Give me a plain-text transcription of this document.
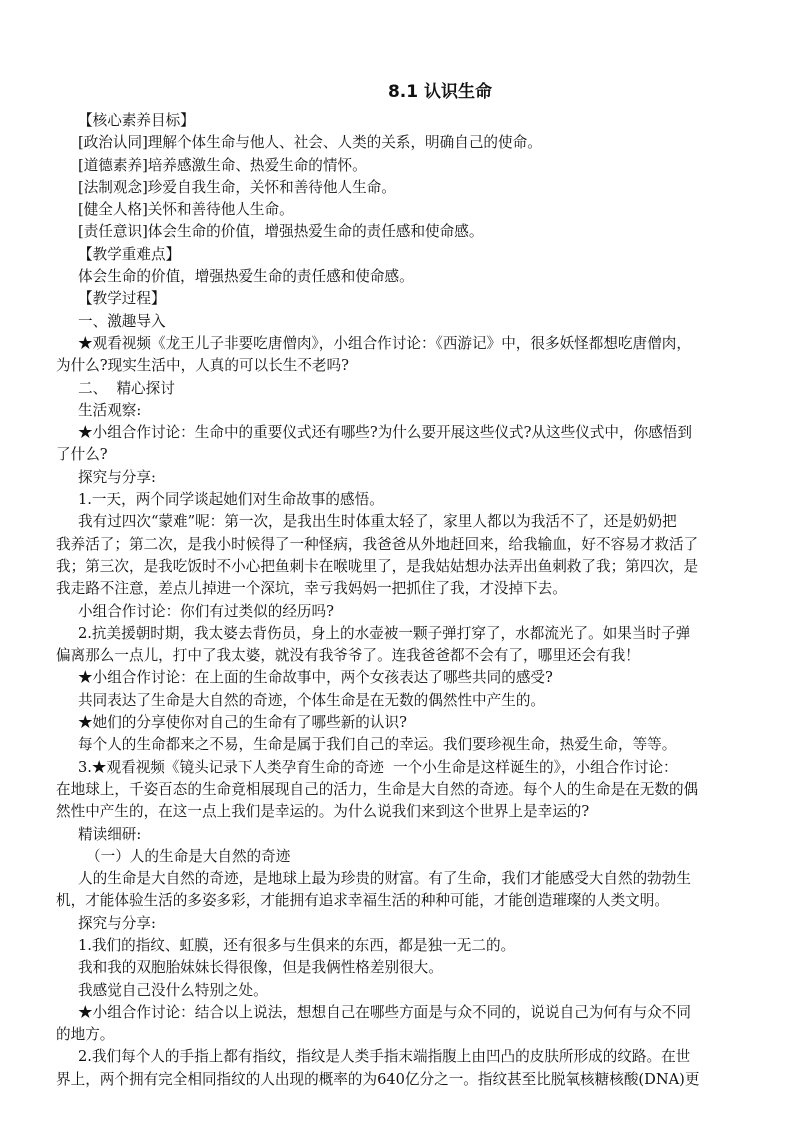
8.1 认识生命
【核心素养目标】
[政治认同]理解个体生命与他人、社会、人类的关系，明确自己的使命。
[道德素养]培养感激生命、热爱生命的情怀。
[法制观念]珍爱自我生命，关怀和善待他人生命。
[健全人格]关怀和善待他人生命。
[责任意识]体会生命的价值，增强热爱生命的责任感和使命感。
【教学重难点】
体会生命的价值，增强热爱生命的责任感和使命感。
【教学过程】
一、激趣导入
★观看视频《龙王儿子非要吃唐僧肉》，小组合作讨论：《西游记》中，很多妖怪都想吃唐僧肉，
为什么?现实生活中，人真的可以长生不老吗?
二、  精心探讨
生活观察:
★小组合作讨论：生命中的重要仪式还有哪些?为什么要开展这些仪式?从这些仪式中，你感悟到
了什么?
探究与分享:
1.一天，两个同学谈起她们对生命故事的感悟。
我有过四次“蒙难”呢：第一次，是我出生时体重太轻了，家里人都以为我活不了，还是奶奶把
我养活了；第二次，是我小时候得了一种怪病，我爸爸从外地赶回来，给我输血，好不容易才救活了
我；第三次，是我吃饭时不小心把鱼刺卡在喉咙里了，是我姑姑想办法弄出鱼刺救了我；第四次，是
我走路不注意，差点儿掉进一个深坑，幸亏我妈妈一把抓住了我，才没掉下去。
小组合作讨论：你们有过类似的经历吗?
2.抗美援朝时期，我太婆去背伤员，身上的水壶被一颗子弹打穿了，水都流光了。如果当时子弹
偏离那么一点儿，打中了我太婆，就没有我爷爷了。连我爸爸都不会有了，哪里还会有我！
★小组合作讨论：在上面的生命故事中，两个女孩表达了哪些共同的感受?
共同表达了生命是大自然的奇迹，个体生命是在无数的偶然性中产生的。
★她们的分享使你对自己的生命有了哪些新的认识?
每个人的生命都来之不易，生命是属于我们自己的幸运。我们要珍视生命，热爱生命，等等。
3.★观看视频《镜头记录下人类孕育生命的奇迹  一个小生命是这样诞生的》，小组合作讨论：
在地球上，千姿百态的生命竟相展现自己的活力，生命是大自然的奇迹。每个人的生命是在无数的偶
然性中产生的，在这一点上我们是幸运的。为什么说我们来到这个世界上是幸运的?
精读细研:
（一）人的生命是大自然的奇迹
人的生命是大自然的奇迹，是地球上最为珍贵的财富。有了生命，我们才能感受大自然的勃勃生
机，才能体验生活的多姿多彩，才能拥有追求幸福生活的种种可能，才能创造璀璨的人类文明。
探究与分享:
1.我们的指纹、虹膜，还有很多与生俱来的东西，都是独一无二的。
我和我的双胞胎妹妹长得很像，但是我俩性格差别很大。
我感觉自己没什么特别之处。
★小组合作讨论：结合以上说法，想想自己在哪些方面是与众不同的，说说自己为何有与众不同
的地方。
2.我们每个人的手指上都有指纹，指纹是人类手指末端指腹上由凹凸的皮肤所形成的纹路。在世
界上，两个拥有完全相同指纹的人出现的概率的为640亿分之一。指纹甚至比脱氧核糖核酸(DNA)更
